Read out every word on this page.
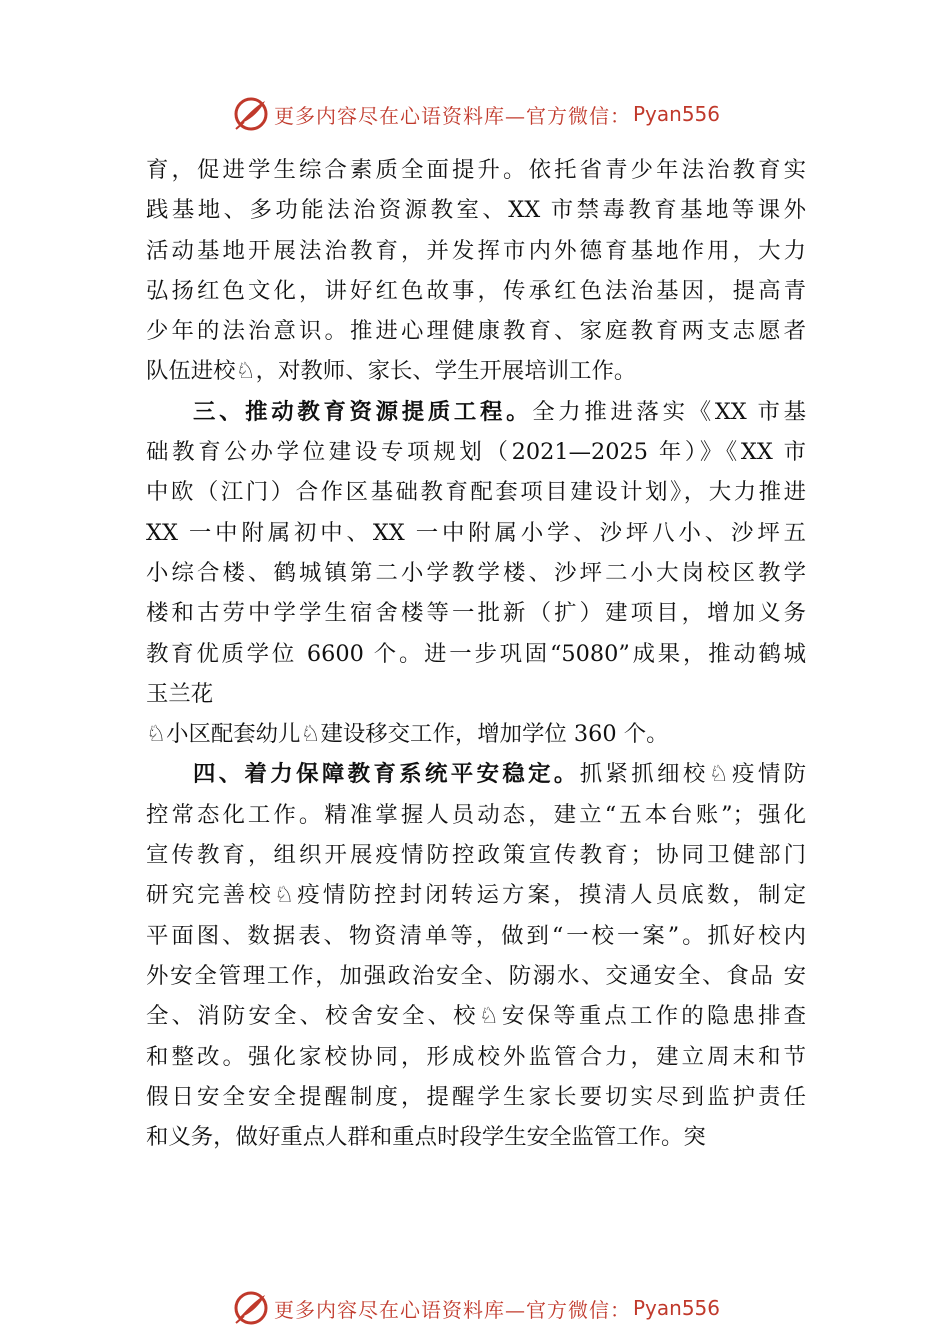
更多内容尽在心语资料库—官方微信： Pyan556
育，促进学生综合素质全面提升。依托省青少年法治教育实
践基地、多功能法治资源教室、XX 市禁毒教育基地等课外
活动基地开展法治教育，并发挥市内外德育基地作用，大力
弘扬红色文化，讲好红色故事，传承红色法治基因，提高青
少年的法治意识。推进心理健康教育、家庭教育两支志愿者
队伍进校♘，对教师、家长、学生开展培训工作。
三、推动教育资源提质工程。全力推进落实《XX 市基
础教育公办学位建设专项规划（2021—2025 年）》《XX 市
中欧（江门）合作区基础教育配套项目建设计划》，大力推进
XX 一中附属初中、XX 一中附属小学、沙坪八小、沙坪五
小综合楼、鹤城镇第二小学教学楼、沙坪二小大岗校区教学
楼和古劳中学学生宿舍楼等一批新（扩）建项目，增加义务
教育优质学位 6600 个。进一步巩固“5080”成果，推动鹤城
玉兰花
♘小区配套幼儿♘建设移交工作，增加学位 360 个。
四、着力保障教育系统平安稳定。抓紧抓细校♘疫情防
控常态化工作。精准掌握人员动态，建立“五本台账”；强化
宣传教育，组织开展疫情防控政策宣传教育；协同卫健部门
研究完善校♘疫情防控封闭转运方案，摸清人员底数，制定
平面图、数据表、物资清单等，做到“一校一案”。抓好校内
外安全管理工作，加强政治安全、防溺水、交通安全、食品 安
全、消防安全、校舍安全、校♘安保等重点工作的隐患排查
和整改。强化家校协同，形成校外监管合力，建立周末和节
假日安全安全提醒制度，提醒学生家长要切实尽到监护责任
和义务，做好重点人群和重点时段学生安全监管工作。突
更多内容尽在心语资料库—官方微信： Pyan556
